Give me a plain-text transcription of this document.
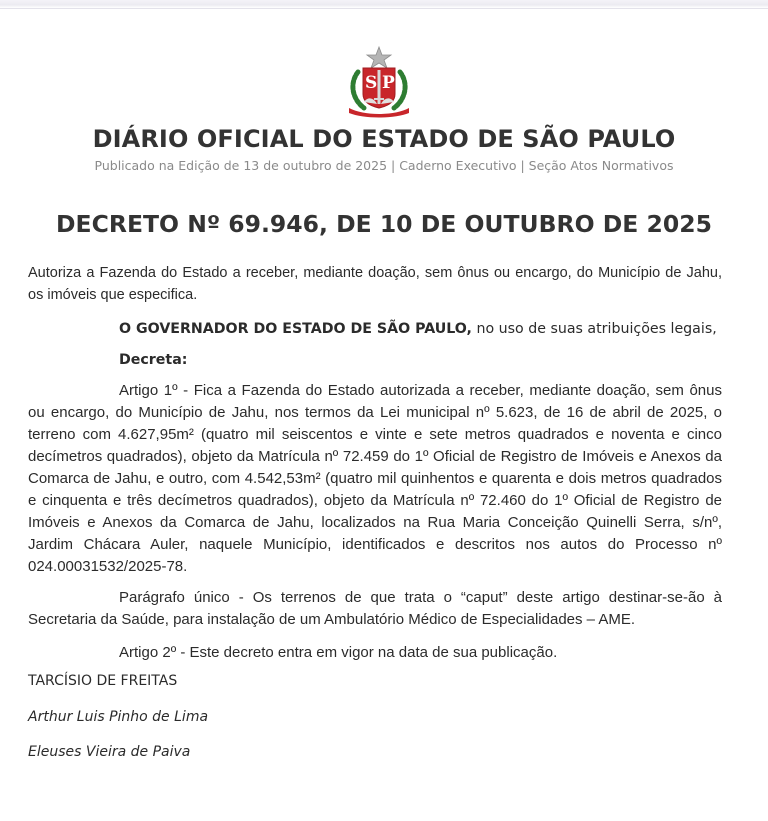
S P
DIÁRIO OFICIAL DO ESTADO DE SÃO PAULO
Publicado na Edição de 13 de outubro de 2025 | Caderno Executivo | Seção Atos Normativos
DECRETO Nº 69.946, DE 10 DE OUTUBRO DE 2025
Autoriza a Fazenda do Estado a receber, mediante doação, sem ônus ou encargo, do Município de Jahu, os imóveis que especifica.
O GOVERNADOR DO ESTADO DE SÃO PAULO, no uso de suas atribuições legais,
Decreta:
Artigo 1º - Fica a Fazenda do Estado autorizada a receber, mediante doação, sem ônus ou encargo, do Município de Jahu, nos termos da Lei municipal nº 5.623, de 16 de abril de 2025, o terreno com 4.627,95m² (quatro mil seiscentos e vinte e sete metros quadrados e noventa e cinco decímetros quadrados), objeto da Matrícula nº 72.459 do 1º Oficial de Registro de Imóveis e Anexos da Comarca de Jahu, e outro, com 4.542,53m² (quatro mil quinhentos e quarenta e dois metros quadrados e cinquenta e três decímetros quadrados), objeto da Matrícula nº 72.460 do 1º Oficial de Registro de Imóveis e Anexos da Comarca de Jahu, localizados na Rua Maria Conceição Quinelli Serra, s/nº, Jardim Chácara Auler, naquele Município, identificados e descritos nos autos do Processo nº 024.00031532/2025-78.
Parágrafo único - Os terrenos de que trata o “caput” deste artigo destinar-se-ão à Secretaria da Saúde, para instalação de um Ambulatório Médico de Especialidades – AME.
Artigo 2º - Este decreto entra em vigor na data de sua publicação.
TARCÍSIO DE FREITAS
Arthur Luis Pinho de Lima
Eleuses Vieira de Paiva
